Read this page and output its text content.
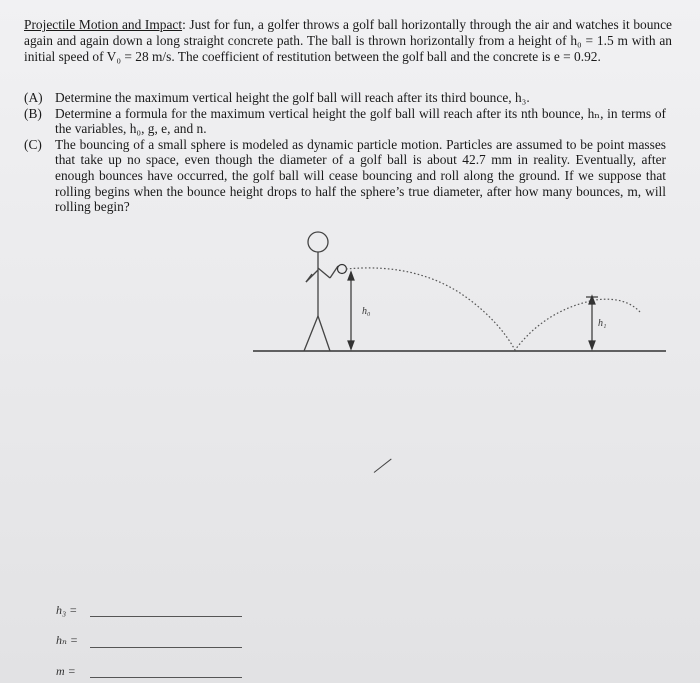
Projectile Motion and Impact: Just for fun, a golfer throws a golf ball horizontally through the air and watches it bounce again and again down a long straight concrete path. The ball is thrown horizontally from a height of h₀ = 1.5 m with an initial speed of V₀ = 28 m/s. The coefficient of restitution between the golf ball and the concrete is e = 0.92.

(A) Determine the maximum vertical height the golf ball will reach after its third bounce, h₃.
(B) Determine a formula for the maximum vertical height the golf ball will reach after its nth bounce, hₙ, in terms of the variables, h₀, g, e, and n.
(C) The bouncing of a small sphere is modeled as dynamic particle motion. Particles are assumed to be point masses that take up no space, even though the diameter of a golf ball is about 42.7 mm in reality. Eventually, after enough bounces have occurred, the golf ball will cease bouncing and roll along the ground. If we suppose that rolling begins when the bounce height drops to half the sphere’s true diameter, after how many bounces, m, will rolling begin?
h₀
h₁
h₃ =
hₙ =
m =
